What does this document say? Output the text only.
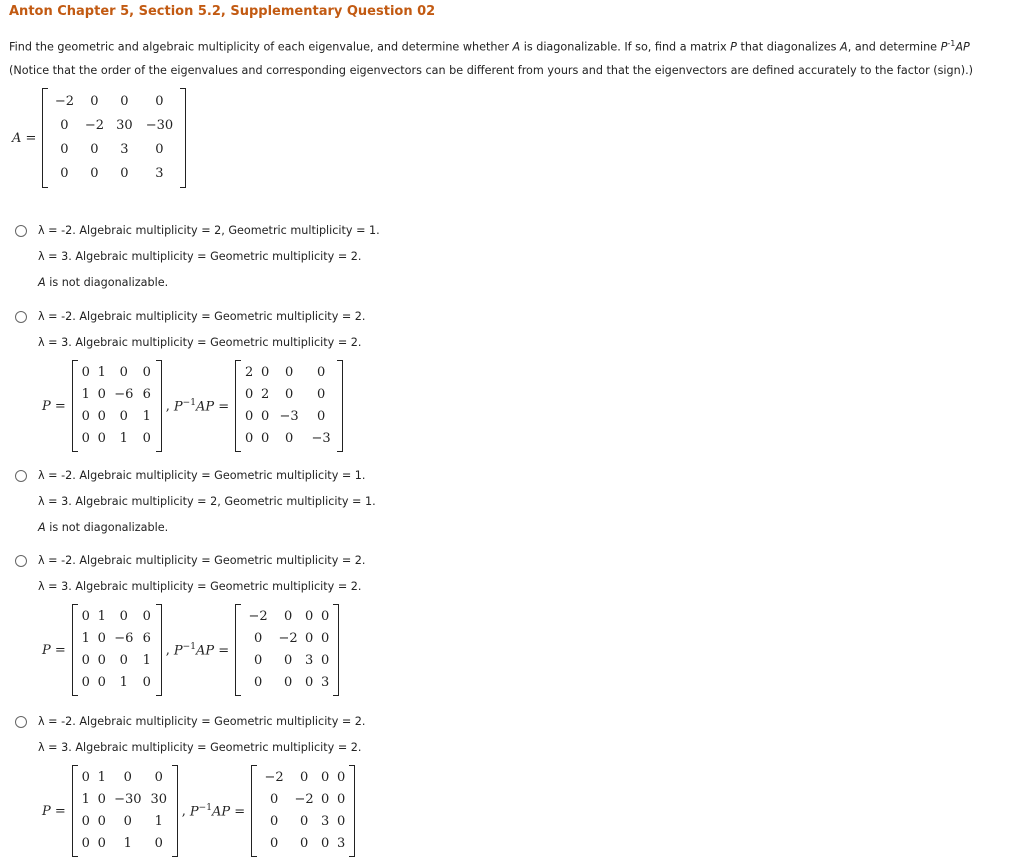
Anton Chapter 5, Section 5.2, Supplementary Question 02
Find the geometric and algebraic multiplicity of each eigenvalue, and determine whether A is diagonalizable. If so, find a matrix P that diagonalizes A, and determine $P^{-1}AP$
(Notice that the order of the eigenvalues and corresponding eigenvectors can be different from yours and that the eigenvectors are defined accurately to the factor (sign).)
A =
−2	0	0	0
0	−2 30	−30
0	0	3	0
0	0	0	3
λ = -2. Algebraic multiplicity = 2, Geometric multiplicity = 1.
λ = 3. Algebraic multiplicity = Geometric multiplicity = 2.
A is not diagonalizable.
λ = -2. Algebraic multiplicity = Geometric multiplicity = 2.
λ = 3. Algebraic multiplicity = Geometric multiplicity = 2.
P =
0 1	0	0
1 0 −6 6
0 0	0	1
0 0	1	0
, $P^{-1}AP$ =
2 0	0	0
0 2	0	0
0 0 −3	0
0 0	0	−3
λ = -2. Algebraic multiplicity = Geometric multiplicity = 1.
λ = 3. Algebraic multiplicity = 2, Geometric multiplicity = 1.
A is not diagonalizable.
λ = -2. Algebraic multiplicity = Geometric multiplicity = 2.
λ = 3. Algebraic multiplicity = Geometric multiplicity = 2.
P =
0 1	0	0
1 0 −6 6
0 0	0	1
0 0	1	0
, $P^{-1}AP$ =
−2	0 0 0
0	−2 0 0
0	0 3 0
0	0 0 3
λ = -2. Algebraic multiplicity = Geometric multiplicity = 2.
λ = 3. Algebraic multiplicity = Geometric multiplicity = 2.
P =
0 1	0	0
1 0 −30 30
0 0	0	1
0 0	1	0
, $P^{-1}AP$ =
−2	0 0 0
0	−2 0 0
0	0 3 0
0	0 0 3
